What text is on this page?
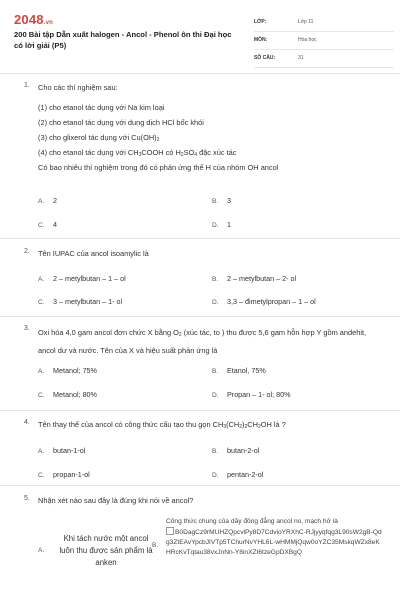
2048.vn
200 Bài tập Dẫn xuất halogen - Ancol - Phenol ôn thi Đại học có lời giải (P5)
LỚP:	Lớp 11
MÔN:	Hóa học
SỐ CÂU:	31
1. Cho các thí nghiệm sau:
(1) cho etanol tác dụng với Na kim loại
(2) cho etanol tác dụng với dung dịch HCl bốc khói
(3) cho glixerol tác dụng với $Cu(OH)_2$
(4) cho etanol tác dụng với $CH_3COOH$ có $H_2SO_4$ đặc xúc tác
Có bao nhiêu thí nghiệm trong đó có phản ứng thế H của nhóm OH ancol
A. 2	B. 3
C. 4	D. 1
2. Tên IUPAC của ancol isoamylic là
A. 2 – metylbutan – 1 – ol	B. 2 – metylbutan – 2- ol
C. 3 – metylbutan – 1- ol	D. 3,3 – đimetylpropan – 1 – ol
3. Oxi hóa 4,0 gam ancol đơn chức X bằng $O_2$ (xúc tác, to ) thu được 5,6 gam hỗn hợp Y gồm andehit, ancol dư và nước. Tên của X và hiệu suất phản ứng là
A. Metanol; 75%	B. Etanol, 75%
C. Metanol; 80%	D. Propan – 1- ol; 80%
4. Tên thay thế của ancol có công thức cấu tạo thu gọn $CH_3(CH_2)_2CH_2OH$ là ?
A. butan-1-ol	B. butan-2-ol
C. propan-1-ol	D. pentan-2-ol
5. Nhận xét nào sau đây là đúng khi nói về ancol?
A.
Khi tách nước một ancol luôn thu được sản phẩm là anken
B.
Công thức chung của dãy đồng đẳng ancol no, mạch hở là
B0DagCz9rMUHZQpcvlPy8D7CdvioYRXhC-RJjyyqfqg3L90sW2gB-Qdg3ZtEAvYpcbJIVTp5TChurNvYHL6L-wHMMjQqw0oYZC35MskqWZx8eKHRcKvTqtau38vxJnNn-Y8inXZI6tzeGpDXBgQ
